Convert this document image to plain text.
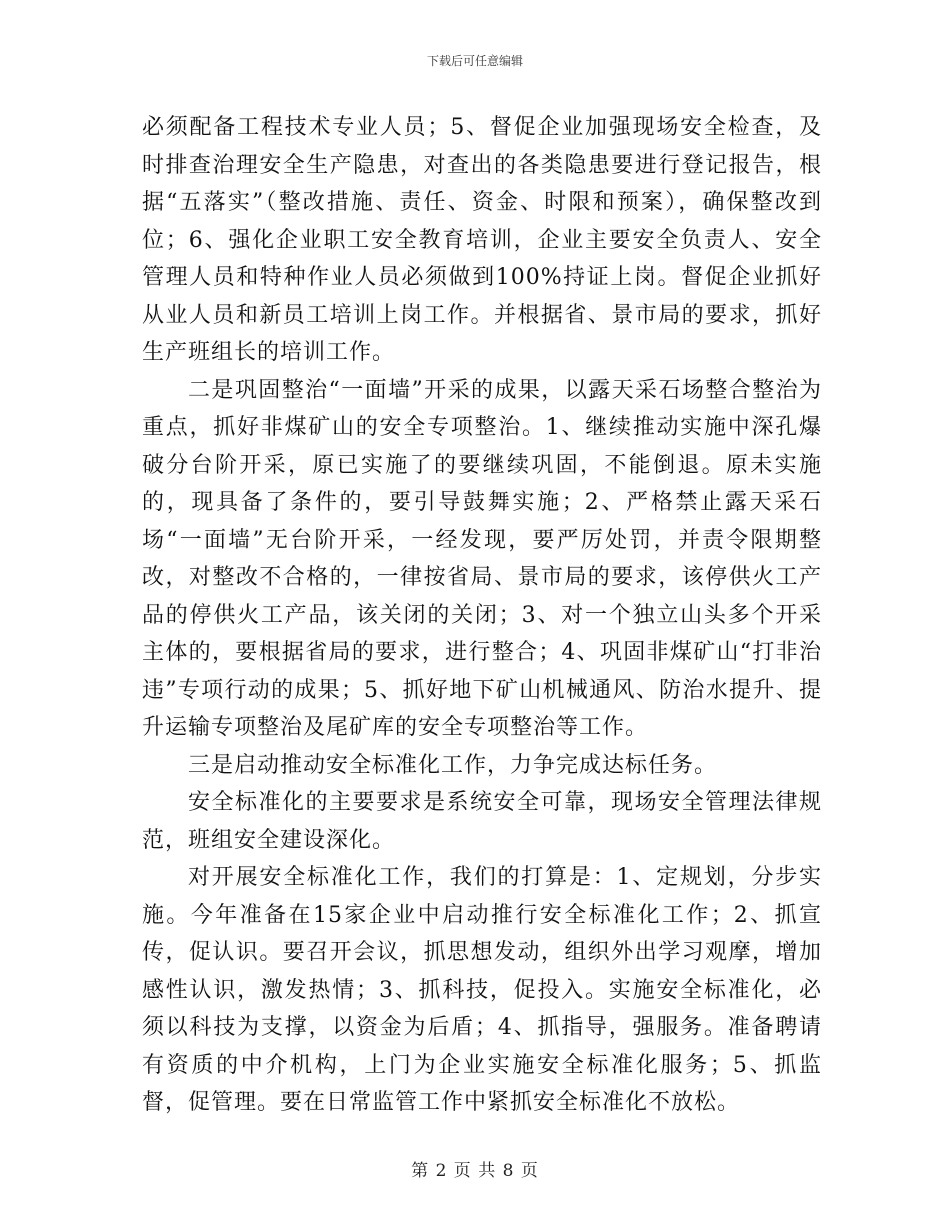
下载后可任意编辑

必须配备工程技术专业人员；5、督促企业加强现场安全检查，及时排查治理安全生产隐患，对查出的各类隐患要进行登记报告，根据“五落实”（整改措施、责任、资金、时限和预案），确保整改到位；6、强化企业职工安全教育培训，企业主要安全负责人、安全管理人员和特种作业人员必须做到100%持证上岗。督促企业抓好从业人员和新员工培训上岗工作。并根据省、景市局的要求，抓好生产班组长的培训工作。

二是巩固整治“一面墙”开采的成果，以露天采石场整合整治为重点，抓好非煤矿山的安全专项整治。1、继续推动实施中深孔爆破分台阶开采，原已实施了的要继续巩固，不能倒退。原未实施的，现具备了条件的，要引导鼓舞实施；2、严格禁止露天采石场“一面墙”无台阶开采，一经发现，要严厉处罚，并责令限期整改，对整改不合格的，一律按省局、景市局的要求，该停供火工产品的停供火工产品，该关闭的关闭；3、对一个独立山头多个开采主体的，要根据省局的要求，进行整合；4、巩固非煤矿山“打非治违”专项行动的成果；5、抓好地下矿山机械通风、防治水提升、提升运输专项整治及尾矿库的安全专项整治等工作。

三是启动推动安全标准化工作，力争完成达标任务。

安全标准化的主要要求是系统安全可靠，现场安全管理法律规范，班组安全建设深化。

对开展安全标准化工作，我们的打算是：1、定规划，分步实施。今年准备在15家企业中启动推行安全标准化工作；2、抓宣传，促认识。要召开会议，抓思想发动，组织外出学习观摩，增加感性认识，激发热情；3、抓科技，促投入。实施安全标准化，必须以科技为支撑，以资金为后盾；4、抓指导，强服务。准备聘请有资质的中介机构，上门为企业实施安全标准化服务；5、抓监督，促管理。要在日常监管工作中紧抓安全标准化不放松。

第 2 页 共 8 页
